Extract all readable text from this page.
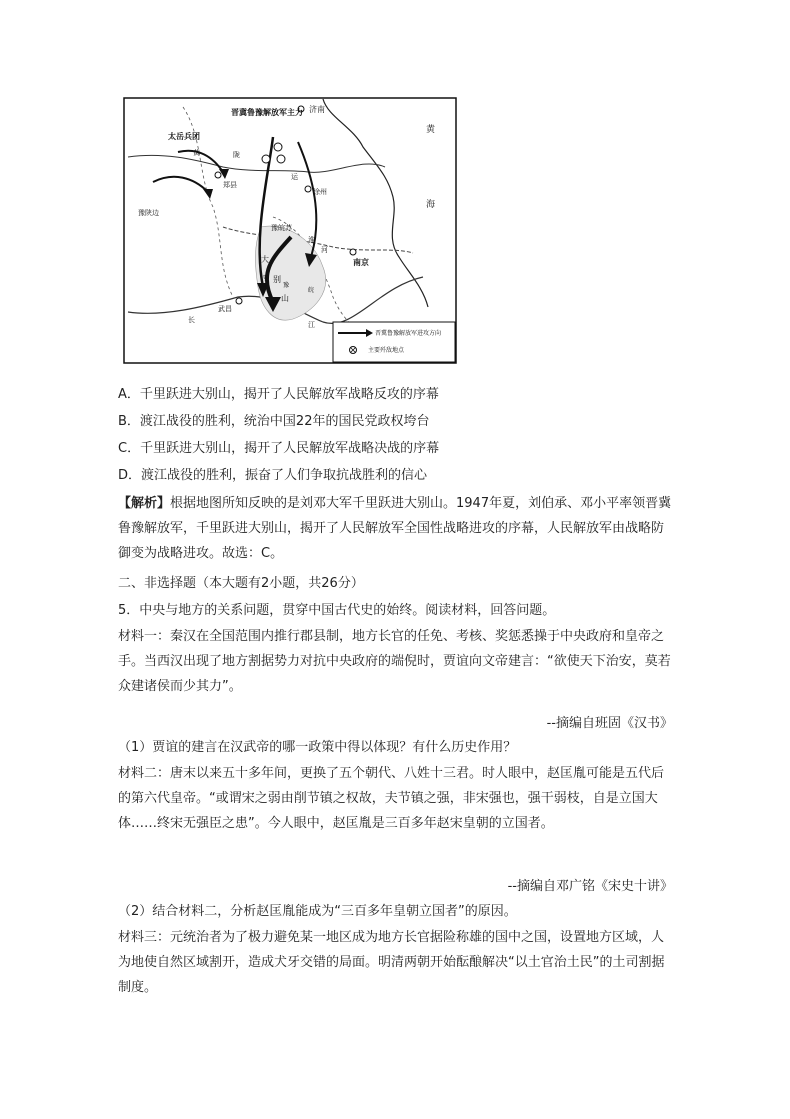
晋冀鲁豫解放军主力 济南
太岳兵团
黄
海
郑县
徐州
豫陕边
豫皖苏
南京
武昌
大
别
山
鄂
豫
皖
淮
江
长
河
运
黄	陇
晋冀鲁豫解放军进攻方向
主要歼敌地点
A．千里跃进大别山，揭开了人民解放军战略反攻的序幕
B．渡江战役的胜利，统治中国22年的国民党政权垮台
C．千里跃进大别山，揭开了人民解放军战略决战的序幕
D．渡江战役的胜利，振奋了人们争取抗战胜利的信心
【解析】根据地图所知反映的是刘邓大军千里跃进大别山。1947年夏，刘伯承、邓小平率领晋冀鲁豫解放军，千里跃进大别山，揭开了人民解放军全国性战略进攻的序幕，人民解放军由战略防御变为战略进攻。故选：C。
二、非选择题（本大题有2小题，共26分）
5．中央与地方的关系问题，贯穿中国古代史的始终。阅读材料，回答问题。
材料一：秦汉在全国范围内推行郡县制，地方长官的任免、考核、奖惩悉操于中央政府和皇帝之手。当西汉出现了地方割据势力对抗中央政府的端倪时，贾谊向文帝建言：“欲使天下治安，莫若众建诸侯而少其力”。
--摘编自班固《汉书》
（1）贾谊的建言在汉武帝的哪一政策中得以体现？有什么历史作用？
材料二：唐末以来五十多年间，更换了五个朝代、八姓十三君。时人眼中，赵匡胤可能是五代后的第六代皇帝。“或谓宋之弱由削节镇之权故，夫节镇之强，非宋强也，强干弱枝，自是立国大体……终宋无强臣之患”。今人眼中，赵匡胤是三百多年赵宋皇朝的立国者。
--摘编自邓广铭《宋史十讲》
（2）结合材料二，分析赵匡胤能成为“三百多年皇朝立国者”的原因。
材料三：元统治者为了极力避免某一地区成为地方长官据险称雄的国中之国，设置地方区域，人为地使自然区域割开，造成犬牙交错的局面。明清两朝开始酝酿解决“以土官治土民”的土司割据制度。
